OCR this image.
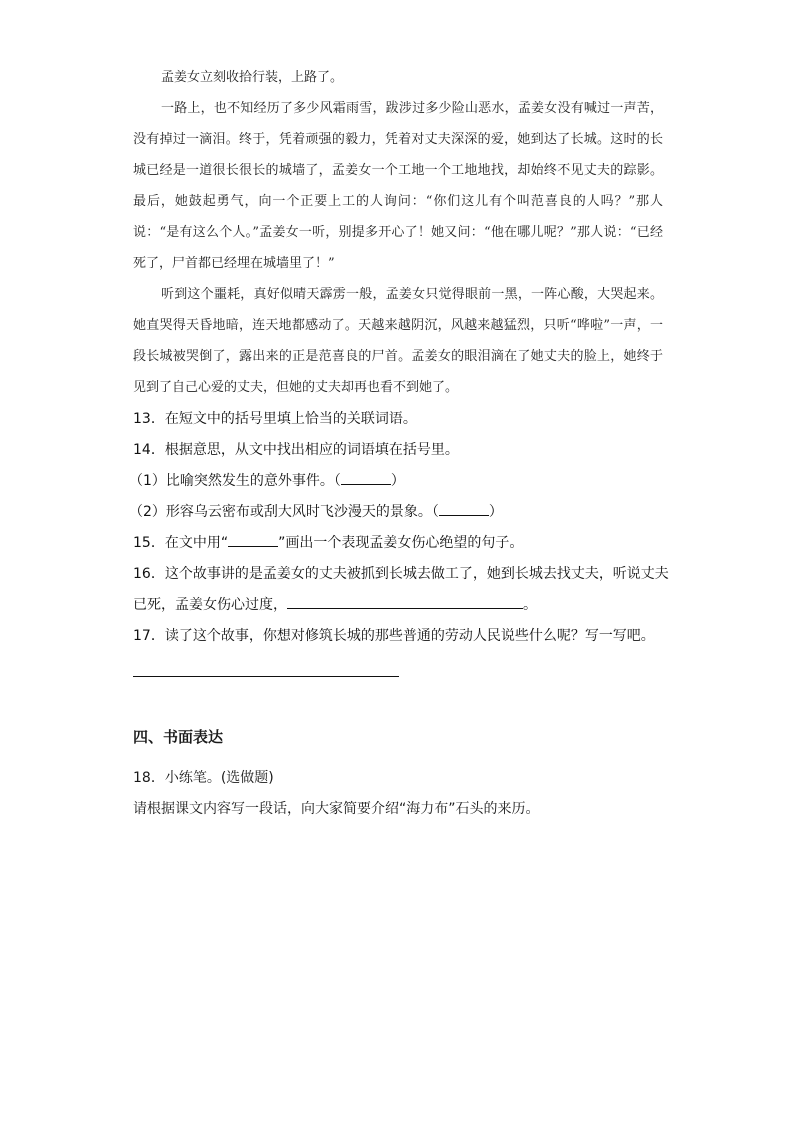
孟姜女立刻收拾行装，上路了。

一路上，也不知经历了多少风霜雨雪，跋涉过多少险山恶水，孟姜女没有喊过一声苦，没有掉过一滴泪。终于，凭着顽强的毅力，凭着对丈夫深深的爱，她到达了长城。这时的长城已经是一道很长很长的城墙了，孟姜女一个工地一个工地地找，却始终不见丈夫的踪影。最后，她鼓起勇气，向一个正要上工的人询问：“你们这儿有个叫范喜良的人吗？”那人说：“是有这么个人。”孟姜女一听，别提多开心了！她又问：“他在哪儿呢？”那人说：“已经死了，尸首都已经埋在城墙里了！”

听到这个噩耗，真好似晴天霹雳一般，孟姜女只觉得眼前一黑，一阵心酸，大哭起来。她直哭得天昏地暗，连天地都感动了。天越来越阴沉，风越来越猛烈，只听“哗啦”一声，一段长城被哭倒了，露出来的正是范喜良的尸首。孟姜女的眼泪滴在了她丈夫的脸上，她终于见到了自己心爱的丈夫，但她的丈夫却再也看不到她了。

13．在短文中的括号里填上恰当的关联词语。

14．根据意思，从文中找出相应的词语填在括号里。

（1）比喻突然发生的意外事件。（	）

（2）形容乌云密布或刮大风时飞沙漫天的景象。（	）

15．在文中用“	”画出一个表现孟姜女伤心绝望的句子。

16．这个故事讲的是孟姜女的丈夫被抓到长城去做工了，她到长城去找丈夫，听说丈夫

已死，孟姜女伤心过度，	。

17．读了这个故事，你想对修筑长城的那些普通的劳动人民说些什么呢？写一写吧。

四、书面表达

18．小练笔。(选做题)

请根据课文内容写一段话，向大家简要介绍“海力布”石头的来历。
